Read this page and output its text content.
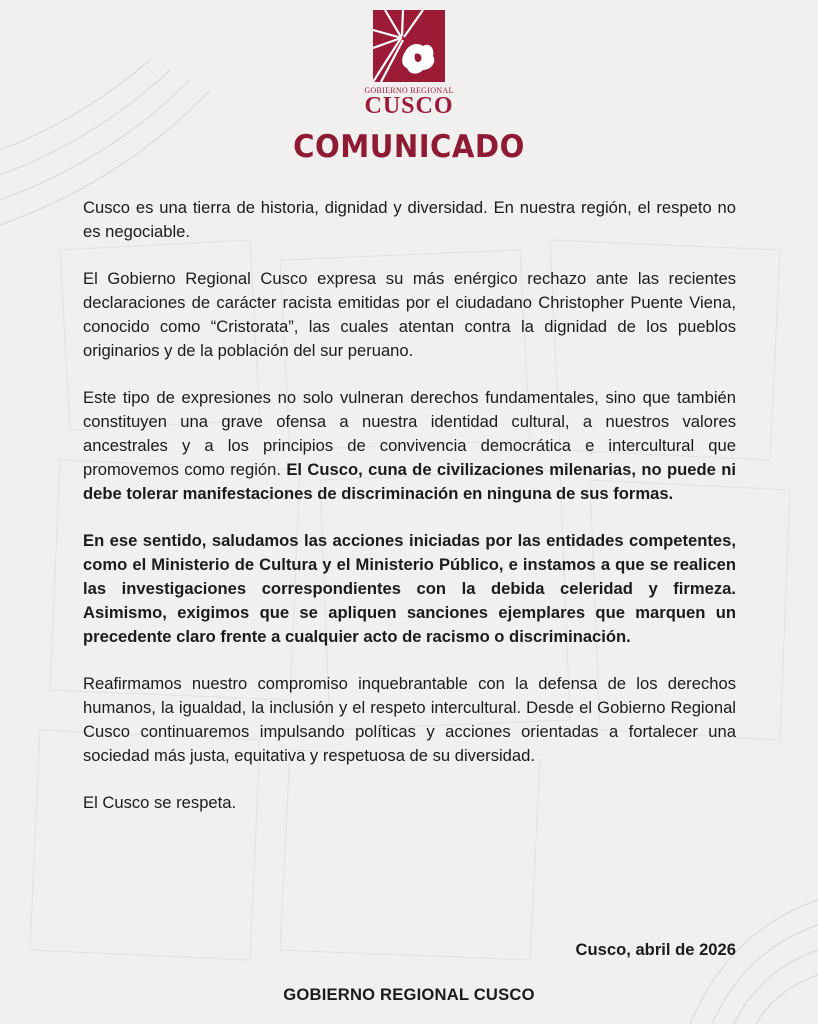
GOBIERNO REGIONAL
CUSCO
COMUNICADO

Cusco es una tierra de historia, dignidad y diversidad. En nuestra región, el respeto no es negociable.

El Gobierno Regional Cusco expresa su más enérgico rechazo ante las recientes declaraciones de carácter racista emitidas por el ciudadano Christopher Puente Viena, conocido como “Cristorata”, las cuales atentan contra la dignidad de los pueblos originarios y de la población del sur peruano.

Este tipo de expresiones no solo vulneran derechos fundamentales, sino que también constituyen una grave ofensa a nuestra identidad cultural, a nuestros valores ancestrales y a los principios de convivencia democrática e intercultural que promovemos como región. El Cusco, cuna de civilizaciones milenarias, no puede ni debe tolerar manifestaciones de discriminación en ninguna de sus formas.

En ese sentido, saludamos las acciones iniciadas por las entidades competentes, como el Ministerio de Cultura y el Ministerio Público, e instamos a que se realicen las investigaciones correspondientes con la debida celeridad y firmeza. Asimismo, exigimos que se apliquen sanciones ejemplares que marquen un precedente claro frente a cualquier acto de racismo o discriminación.

Reafirmamos nuestro compromiso inquebrantable con la defensa de los derechos humanos, la igualdad, la inclusión y el respeto intercultural. Desde el Gobierno Regional Cusco continuaremos impulsando políticas y acciones orientadas a fortalecer una sociedad más justa, equitativa y respetuosa de su diversidad.

El Cusco se respeta.

Cusco, abril de 2026
GOBIERNO REGIONAL CUSCO
